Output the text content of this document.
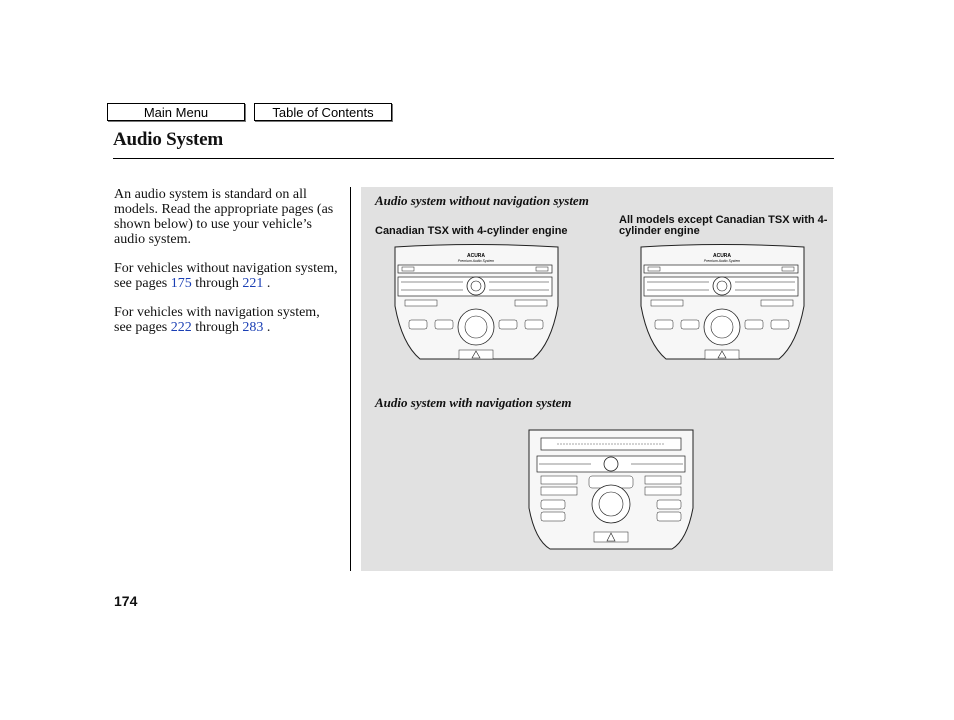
Main Menu	Table of Contents
Audio System
An audio system is standard on all models. Read the appropriate pages (as shown below) to use your vehicle’s audio system.
For vehicles without navigation system, see pages 175 through 221 .
For vehicles with navigation system, see pages 222 through 283 .
Audio system without navigation system
Canadian TSX with 4-cylinder engine
All models except Canadian TSX with 4-cylinder engine
ACURA
Premium Audio System
ACURA
Premium Audio System
Audio system with navigation system
174
